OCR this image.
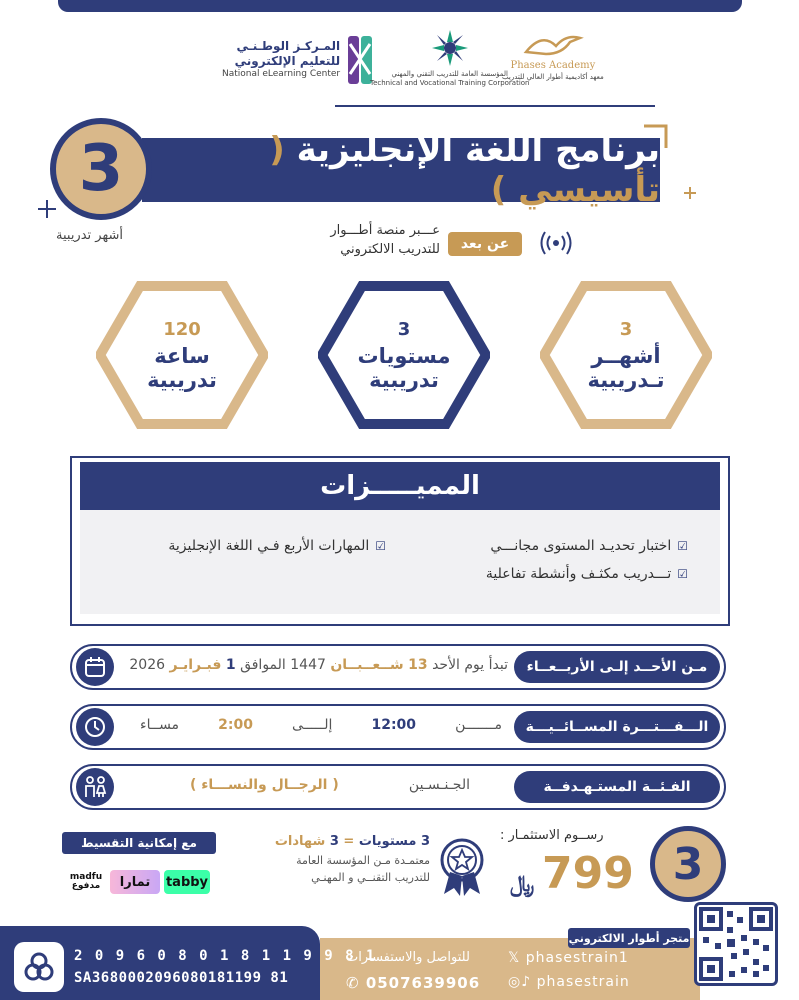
المـركـز الوطـنـي
للتعليم الإلكتروني
National eLearning Center	المؤسسة العامة للتدريب التقني والمهني
Technical and Vocational Training Corporation
Phases Academy
معهد أكاديمية أطوار العالي للتدريب
برنامج اللغة الإنجليزية ( تأسيسي )
3
أشهر تدريبية	عـــبر منصة أطـــوار
للتدريب الالكتروني	عن بعد
120
ساعة
تدريبية
3
مستويات
تدريبية
3
أشهــر
تـدريبية
المميـــــزات
☑
اختبار تحديـد المستوى مجانـــي
☑
المهارات الأربع فـي اللغة الإنجليزية
☑
تـــدريب مكثـف وأنشطة تفاعلية
مـن الأحــد إلـى الأربــعــاء
تبدأ يوم الأحد 13 شــعــبــان 1447 الموافق 1 فبـرايـر 2026
الـــفـــتـــرة المســائــيـــة
مـــــــن
12:00
إلـــــى
2:00
مســاء
الفـئــة المستـهـدفــة
الجـنـسـين
( الرجــال والنســـاء )
مع إمكانية التقسيط
tabby
تمارا
madfu مدفوع
3 مستويات = 3 شهادات
معتمـدة مـن المؤسسة العامة
للتدريب التقنــي و المهنـي
رســوم الاستثمـار :
﷼ 799 3
2 0 9 6 0 8 0 1 8 1 1 9 9 8 1
SA3680002096080181199 81
للتواصل والاستفسارات
✆ 0507639906
𝕏 phasestrain1
◎♪ phasestrain
متجر أطوار الالكتروني
